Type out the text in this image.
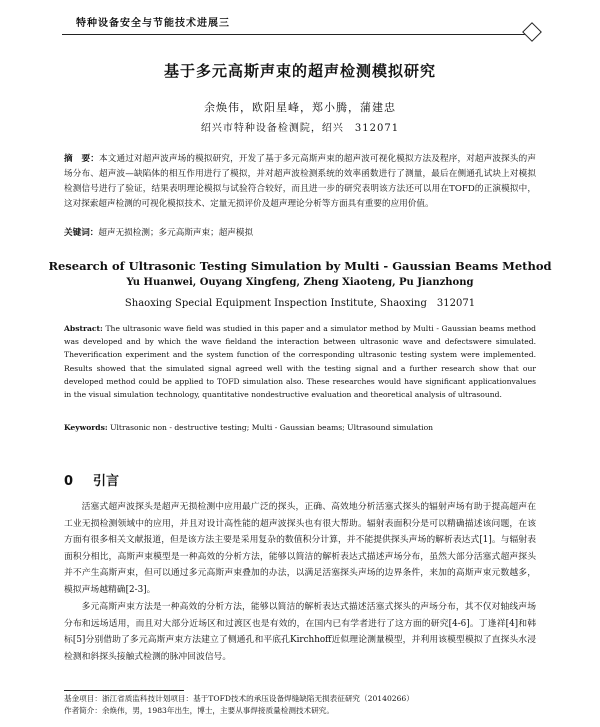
特种设备安全与节能技术进展三
基于多元高斯声束的超声检测模拟研究
余焕伟，欧阳星峰，郑小腾，蒲建忠
绍兴市特种设备检测院，绍兴　312071
摘　要：本文通过对超声波声场的模拟研究，开发了基于多元高斯声束的超声波可视化模拟方法及程序，对超声波探头的声场分布、超声波—缺陷体的相互作用进行了模拟，并对超声波检测系统的效率函数进行了测量，最后在侧通孔试块上对模拟检测信号进行了验证，结果表明理论模拟与试验符合较好，而且进一步的研究表明该方法还可以用在TOFD的正演模拟中，这对探索超声检测的可视化模拟技术、定量无损评价及超声理论分析等方面具有重要的应用价值。
关键词：超声无损检测；多元高斯声束；超声模拟
Research of Ultrasonic Testing Simulation by Multi - Gaussian Beams Method
Yu Huanwei, Ouyang Xingfeng, Zheng Xiaoteng, Pu Jianzhong
Shaoxing Special Equipment Inspection Institute, Shaoxing　312071
Abstract: The ultrasonic wave field was studied in this paper and a simulator method by Multi - Gaussian beams method was developed and by which the wave fieldand the interaction between ultrasonic wave and defectswere simulated. Theverification experiment and the system function of the corresponding ultrasonic testing system were implemented. Results showed that the simulated signal agreed well with the testing signal and a further research show that our developed method could be applied to TOFD simulation also. These researches would have significant applicationvalues in the visual simulation technology, quantitative nondestructive evaluation and theoretical analysis of ultrasound.
Keywords: Ultrasonic non - destructive testing; Multi - Gaussian beams; Ultrasound simulation
0 引言

活塞式超声波探头是超声无损检测中应用最广泛的探头，正确、高效地分析活塞式探头的辐射声场有助于提高超声在工业无损检测领域中的应用，并且对设计高性能的超声波探头也有很大帮助。辐射表面积分是可以精确描述该问题，在该方面有很多相关文献报道，但是该方法主要是采用复杂的数值积分计算，并不能提供探头声场的解析表达式[1]。与辐射表面积分相比，高斯声束模型是一种高效的分析方法，能够以简洁的解析表达式描述声场分布，虽然大部分活塞式超声探头并不产生高斯声束，但可以通过多元高斯声束叠加的办法，以满足活塞探头声场的边界条件，来加的高斯声束元数越多，模拟声场越精确[2-3]。

多元高斯声束方法是一种高效的分析方法，能够以简洁的解析表达式描述活塞式探头的声场分布，其不仅对轴线声场分布和远场适用，而且对大部分近场区和过渡区也是有效的，在国内已有学者进行了这方面的研究[4-6]。丁逢祥[4]和韩标[5]分别借助了多元高斯声束方法建立了侧通孔和平底孔Kirchhoff近似理论测量模型，并利用该模型模拟了直探头水浸检测和斜探头接触式检测的脉冲回波信号。

基金项目：浙江省质监科技计划项目：基于TOFD技术的承压设备焊缝缺陷无损表征研究（20140266）
作者简介：余焕伟，男，1983年出生，博士，主要从事焊接质量检测技术研究。
